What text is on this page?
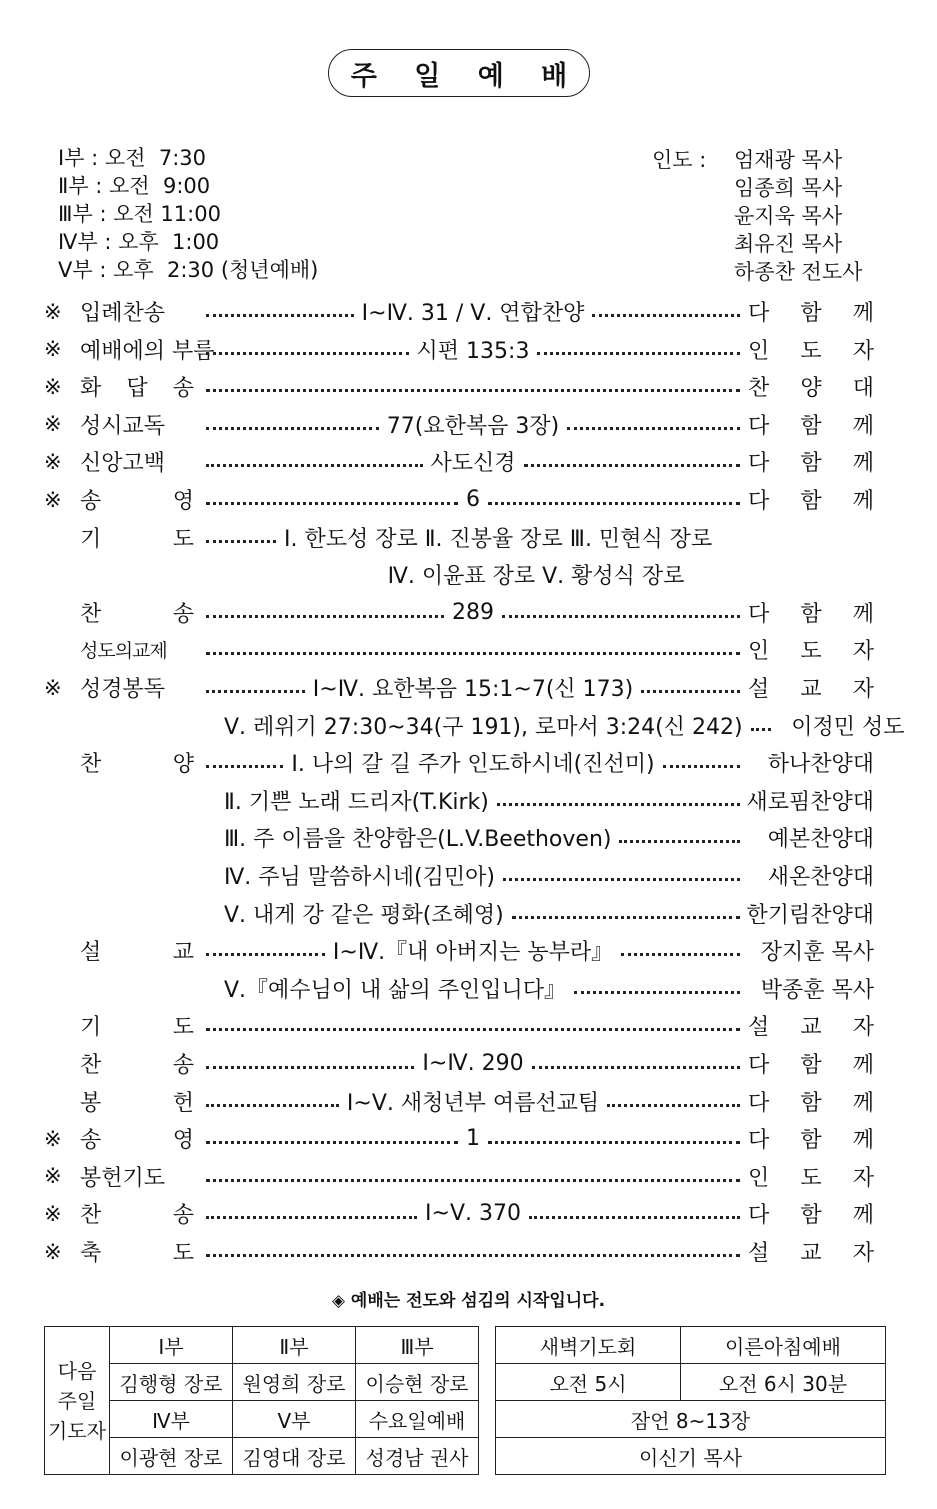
주 일 예 배
Ⅰ부 : 오전  7:30
Ⅱ부 : 오전  9:00
Ⅲ부 : 오전 11:00
Ⅳ부 : 오후  1:00
Ⅴ부 : 오후  2:30 (청년예배)
인도 :	엄재광 목사
임종희 목사
윤지욱 목사
최유진 목사
하종찬 전도사
※ 입례찬송	Ⅰ~Ⅳ. 31 / Ⅴ. 연합찬양	다 함 께
※ 예배에의 부름	시편 135:3	인 도 자
※ 화 답 송	찬 양 대
※ 성시교독	77(요한복음 3장)	다 함 께
※ 신앙고백	사도신경	다 함 께
※ 송	영	6	다 함 께
기	도	Ⅰ. 한도성 장로 Ⅱ. 진봉율 장로 Ⅲ. 민현식 장로
Ⅳ. 이윤표 장로 Ⅴ. 황성식 장로
찬	송	289	다 함 께
성도의교제	인 도 자
※ 성경봉독	Ⅰ~Ⅳ. 요한복음 15:1~7(신 173)	설 교 자
Ⅴ. 레위기 27:30~34(구 191), 로마서 3:24(신 242)	이정민 성도
찬	양	Ⅰ. 나의 갈 길 주가 인도하시네(진선미)	하나찬양대
Ⅱ. 기쁜 노래 드리자(T.Kirk)	새로핌찬양대
Ⅲ. 주 이름을 찬양함은(L.V.Beethoven)	예본찬양대
Ⅳ. 주님 말씀하시네(김민아)	새온찬양대
Ⅴ. 내게 강 같은 평화(조혜영)	한기림찬양대
설	교	Ⅰ~Ⅳ.『내 아버지는 농부라』	장지훈 목사
Ⅴ.『예수님이 내 삶의 주인입니다』	박종훈 목사
기	도	설 교 자
찬	송	Ⅰ~Ⅳ. 290	다 함 께
봉	헌	Ⅰ~Ⅴ. 새청년부 여름선교팀	다 함 께
※ 송	영	1	다 함 께
※ 봉헌기도	인 도 자
※ 찬	송	Ⅰ~Ⅴ. 370	다 함 께
※ 축	도	설 교 자
◈ 예배는 전도와 섬김의 시작입니다.
다음 주일 기도자	Ⅰ부	Ⅱ부	Ⅲ부
	김행형 장로	원영희 장로	이승현 장로
	Ⅳ부	Ⅴ부	수요일예배
	이광현 장로	김영대 장로	성경남 권사
새벽기도회	이른아침예배
오전 5시	오전 6시 30분
잠언 8~13장	
이신기 목사	
